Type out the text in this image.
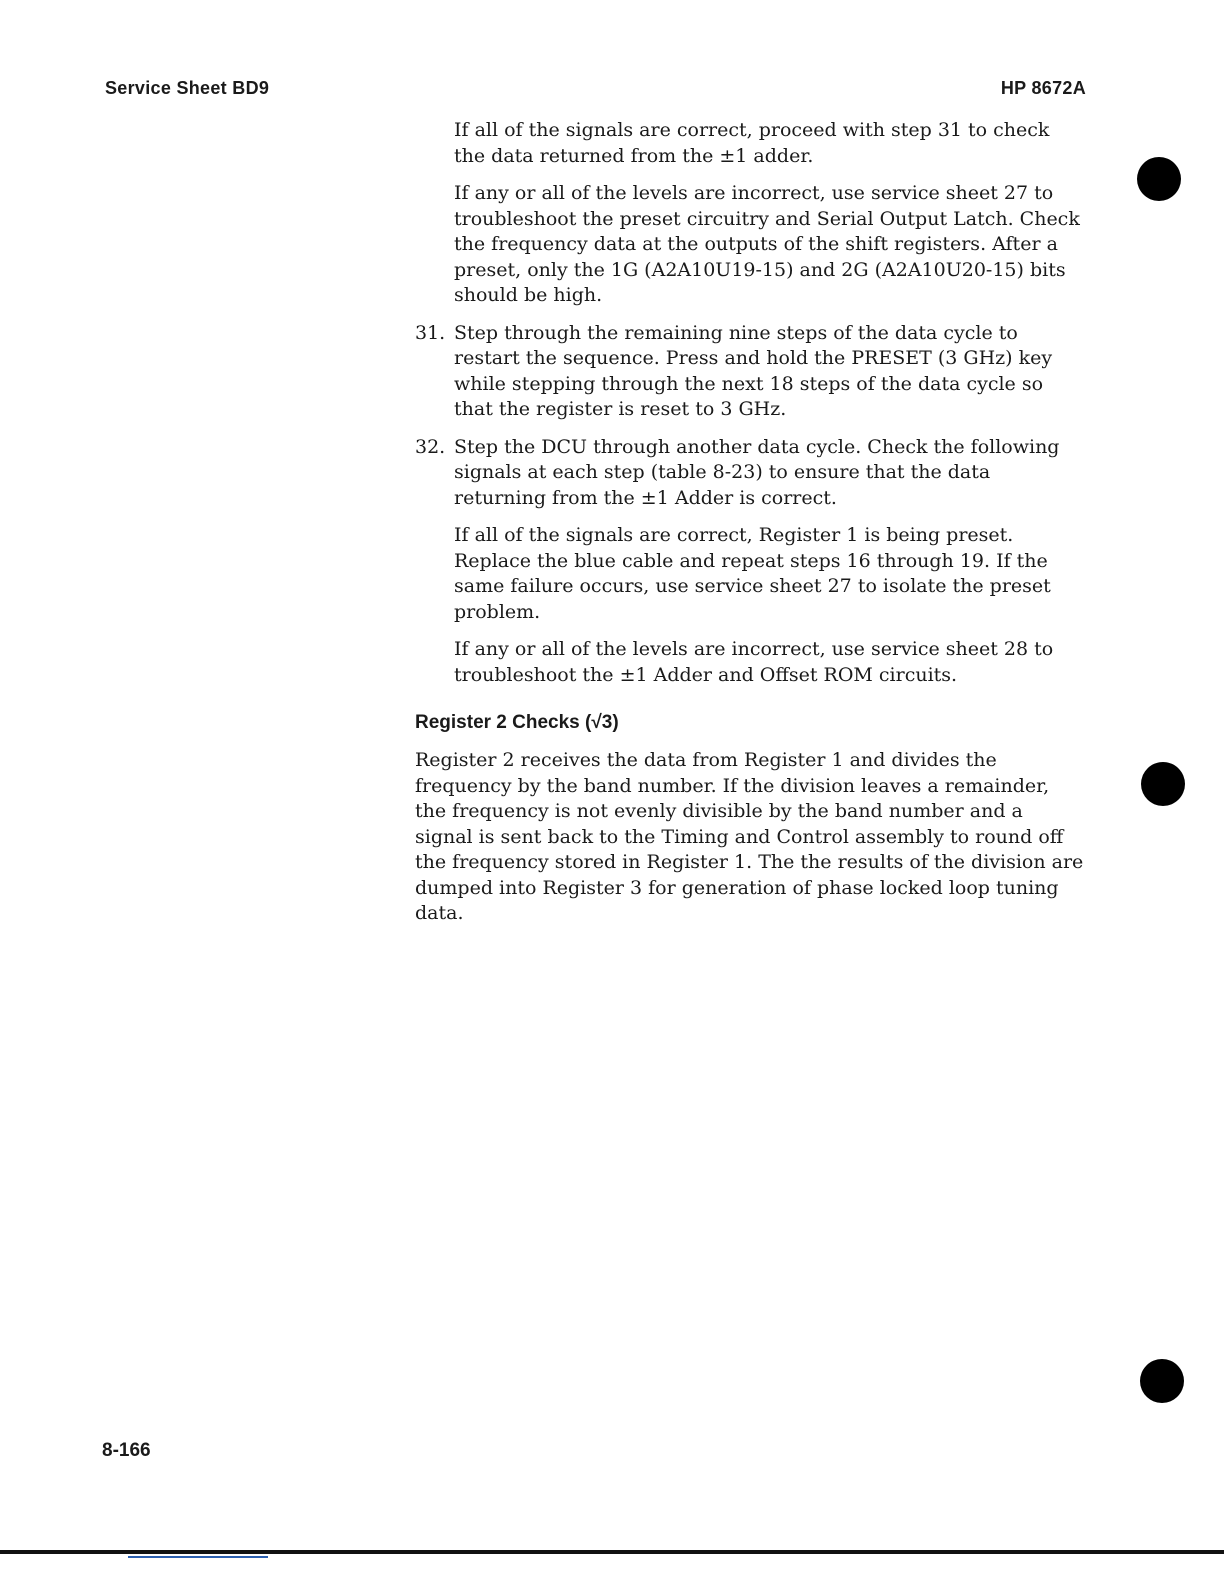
Service Sheet BD9	HP 8672A

If all of the signals are correct, proceed with step 31 to check the data returned from the ±1 adder.

If any or all of the levels are incorrect, use service sheet 27 to troubleshoot the preset circuitry and Serial Output Latch. Check the frequency data at the outputs of the shift registers. After a preset, only the 1G (A2A10U19-15) and 2G (A2A10U20-15) bits should be high.

31. Step through the remaining nine steps of the data cycle to restart the sequence. Press and hold the PRESET (3 GHz) key while stepping through the next 18 steps of the data cycle so that the register is reset to 3 GHz.
32. Step the DCU through another data cycle. Check the following signals at each step (table 8-23) to ensure that the data returning from the ±1 Adder is correct.

If all of the signals are correct, Register 1 is being preset. Replace the blue cable and repeat steps 16 through 19. If the same failure occurs, use service sheet 27 to isolate the preset problem.

If any or all of the levels are incorrect, use service sheet 28 to troubleshoot the ±1 Adder and Offset ROM circuits.

Register 2 Checks (√3)

Register 2 receives the data from Register 1 and divides the frequency by the band number. If the division leaves a remainder, the frequency is not evenly divisible by the band number and a signal is sent back to the Timing and Control assembly to round off the frequency stored in Register 1. The the results of the division are dumped into Register 3 for generation of phase locked loop tuning data.

8-166
